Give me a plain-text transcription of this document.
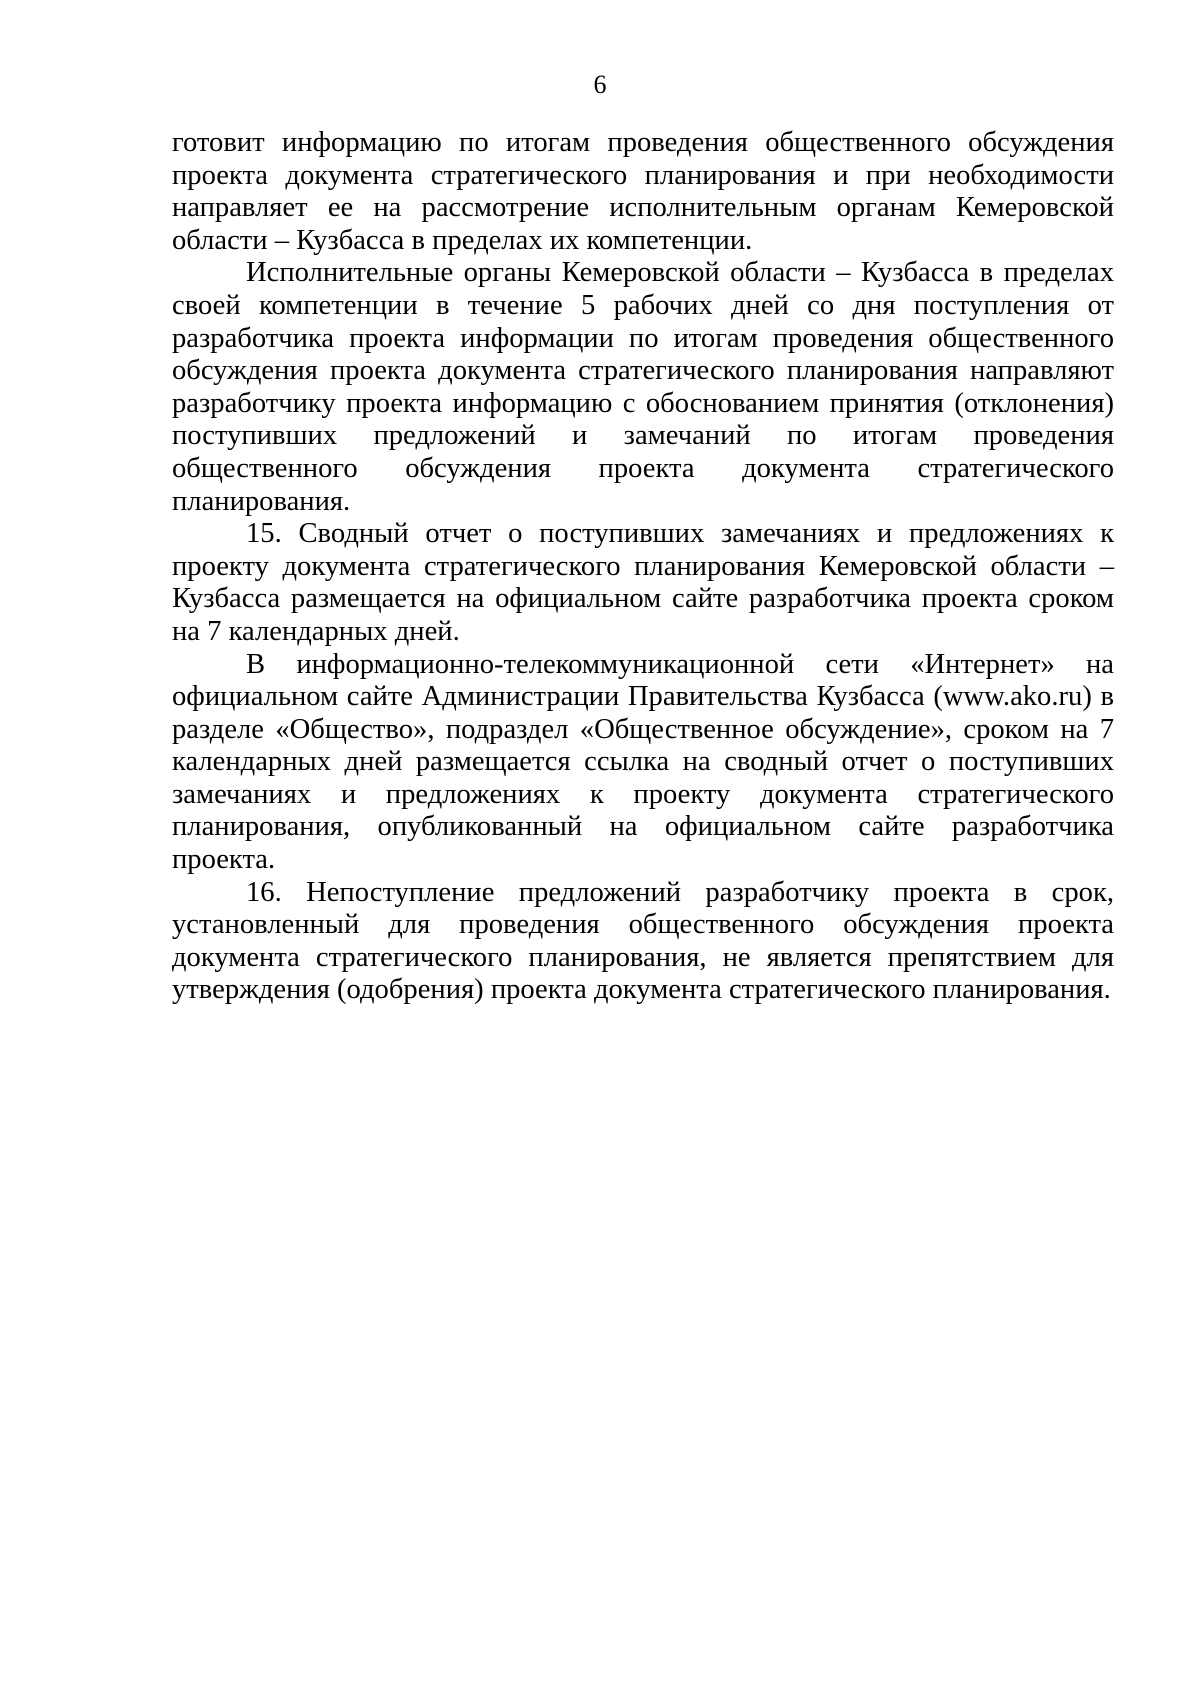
6

готовит информацию по итогам проведения общественного обсуждения проекта документа стратегического планирования и при необходимости направляет ее на рассмотрение исполнительным органам Кемеровской области – Кузбасса в пределах их компетенции.

Исполнительные органы Кемеровской области – Кузбасса в пределах своей компетенции в течение 5 рабочих дней со дня поступления от разработчика проекта информации по итогам проведения общественного обсуждения проекта документа стратегического планирования направляют разработчику проекта информацию с обоснованием принятия (отклонения) поступивших предложений и замечаний по итогам проведения общественного обсуждения проекта документа стратегического планирования.

15. Сводный отчет о поступивших замечаниях и предложениях к проекту документа стратегического планирования Кемеровской области – Кузбасса размещается на официальном сайте разработчика проекта сроком на 7 календарных дней.

В информационно-телекоммуникационной сети «Интернет» на официальном сайте Администрации Правительства Кузбасса (www.ako.ru) в разделе «Общество», подраздел «Общественное обсуждение», сроком на 7 календарных дней размещается ссылка на сводный отчет о поступивших замечаниях и предложениях к проекту документа стратегического планирования, опубликованный на официальном сайте разработчика проекта.

16. Непоступление предложений разработчику проекта в срок, установленный для проведения общественного обсуждения проекта документа стратегического планирования, не является препятствием для утверждения (одобрения) проекта документа стратегического планирования.
